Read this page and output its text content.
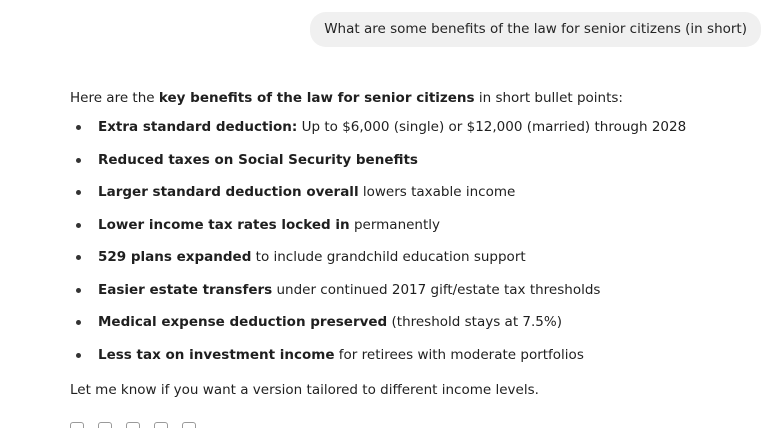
What are some benefits of the law for senior citizens (in short)

Here are the key benefits of the law for senior citizens in short bullet points:

Extra standard deduction: Up to $6,000 (single) or $12,000 (married) through 2028
Reduced taxes on Social Security benefits
Larger standard deduction overall lowers taxable income
Lower income tax rates locked in permanently
529 plans expanded to include grandchild education support
Easier estate transfers under continued 2017 gift/estate tax thresholds
Medical expense deduction preserved (threshold stays at 7.5%)
Less tax on investment income for retirees with moderate portfolios

Let me know if you want a version tailored to different income levels.
